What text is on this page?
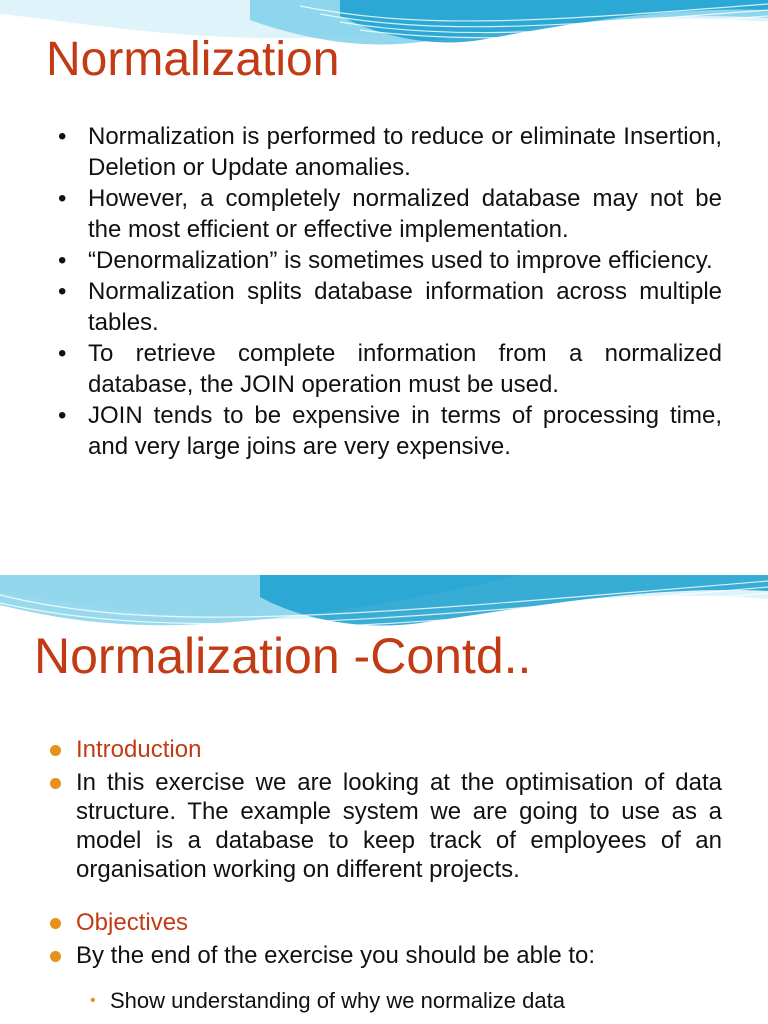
Normalization
• Normalization is performed to reduce or eliminate Insertion, Deletion or Update anomalies.
• However, a completely normalized database may not be the most efficient or effective implementation.
• “Denormalization” is sometimes used to improve efficiency.
• Normalization splits database information across multiple tables.
• To retrieve complete information from a normalized database, the JOIN operation must be used.
• JOIN tends to be expensive in terms of processing time, and very large joins are very expensive.
Normalization -Contd..
Introduction
In this exercise we are looking at the optimisation of data structure. The example system we are going to use as a model is a database to keep track of employees of an organisation working on different projects.
Objectives
By the end of the exercise you should be able to:
• Show understanding of why we normalize data
